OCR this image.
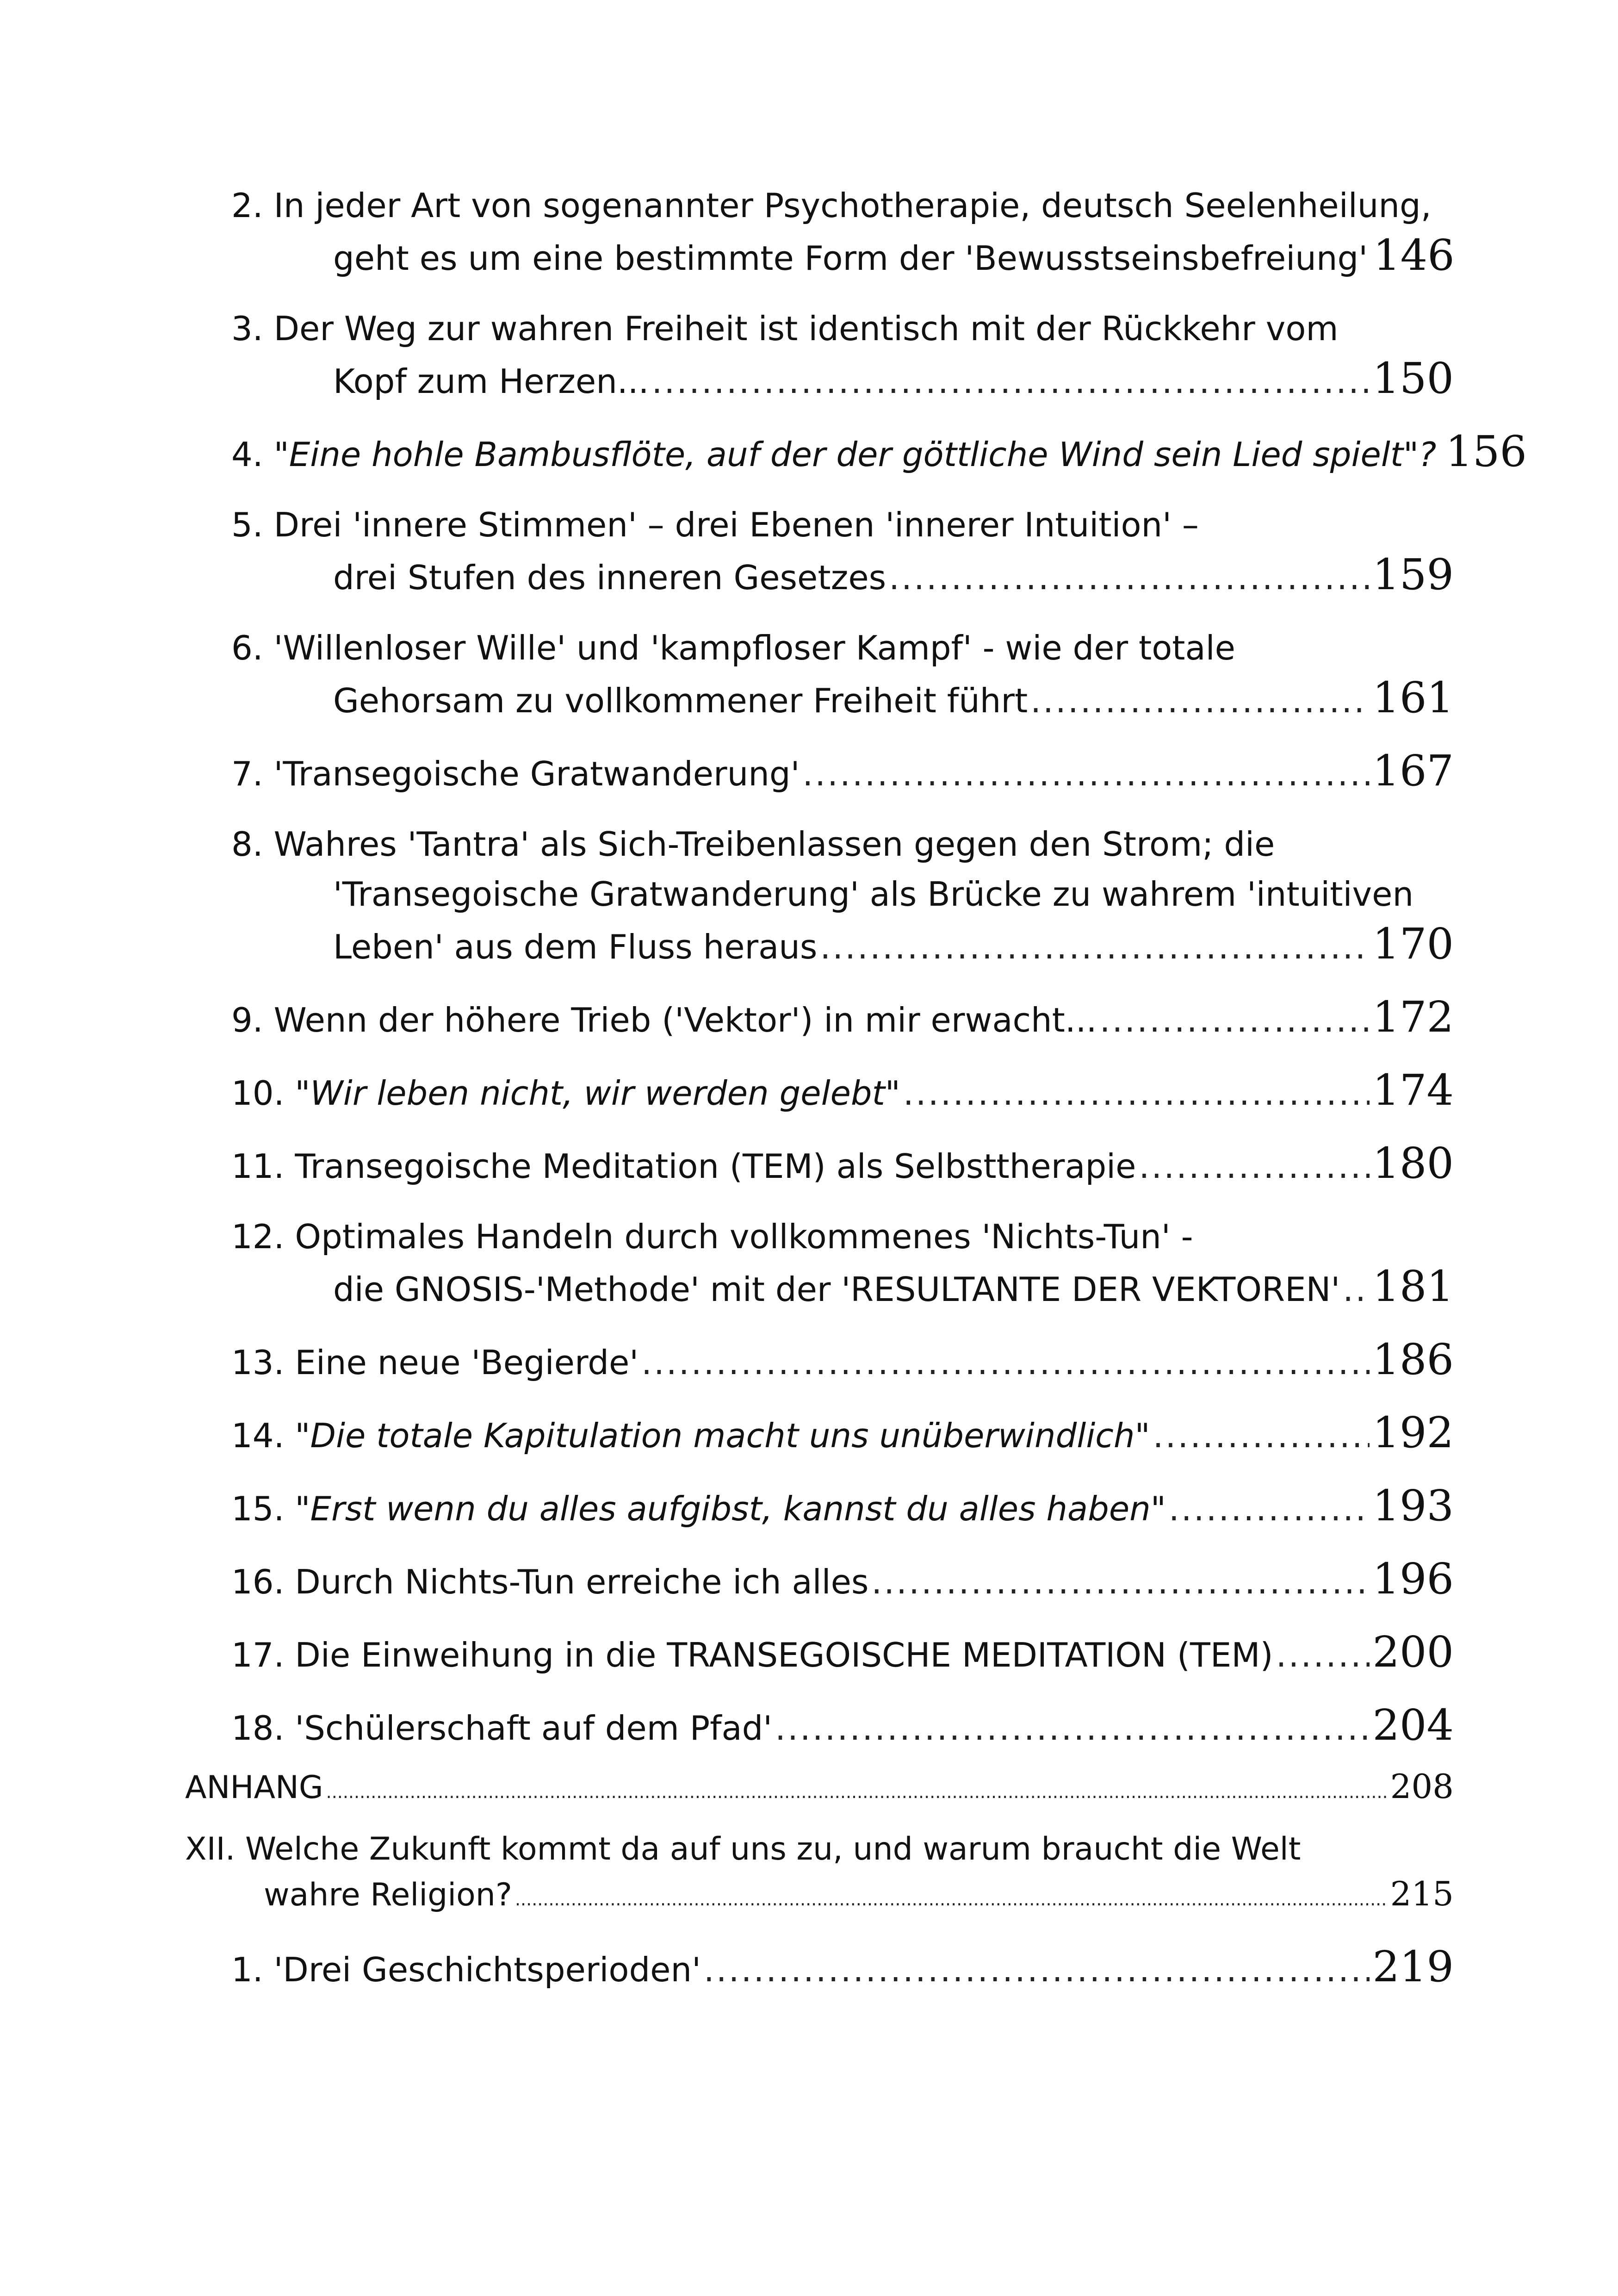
2. In jeder Art von sogenannter Psychotherapie, deutsch Seelenheilung,
geht es um eine bestimmte Form der 'Bewusstseinsbefreiung' 146
3. Der Weg zur wahren Freiheit ist identisch mit der Rückkehr vom
Kopf zum Herzen... .....	150
4. "Eine hohle Bambusflöte, auf der der göttliche Wind sein Lied spielt"? 156
5. Drei 'innere Stimmen' – drei Ebenen 'innerer Intuition' –
drei Stufen des inneren Gesetzes .....	159
6. 'Willenloser Wille' und 'kampfloser Kampf' - wie der totale
Gehorsam zu vollkommener Freiheit führt .....	161
7. 'Transegoische Gratwanderung' .....	167
8. Wahres 'Tantra' als Sich-Treibenlassen gegen den Strom; die
'Transegoische Gratwanderung' als Brücke zu wahrem 'intuitiven
Leben' aus dem Fluss heraus .....	170
9. Wenn der höhere Trieb ('Vektor') in mir erwacht... .....	172
10. "Wir leben nicht, wir werden gelebt" .....	174
11. Transegoische Meditation (TEM) als Selbsttherapie .....	180
12. Optimales Handeln durch vollkommenes 'Nichts-Tun' -
die GNOSIS-'Methode' mit der 'RESULTANTE DER VEKTOREN' ..... 181
13. Eine neue 'Begierde' .....	186
14. "Die totale Kapitulation macht uns unüberwindlich" .....	192
15. "Erst wenn du alles aufgibst, kannst du alles haben" .....	193
16. Durch Nichts-Tun erreiche ich alles .....	196
17. Die Einweihung in die TRANSEGOISCHE MEDITATION (TEM) ..... 200
18. 'Schülerschaft auf dem Pfad' .....	204
ANHANG .....	208
XII. Welche Zukunft kommt da auf uns zu, und warum braucht die Welt
wahre Religion? .....	215
1. 'Drei Geschichtsperioden' .....	219
